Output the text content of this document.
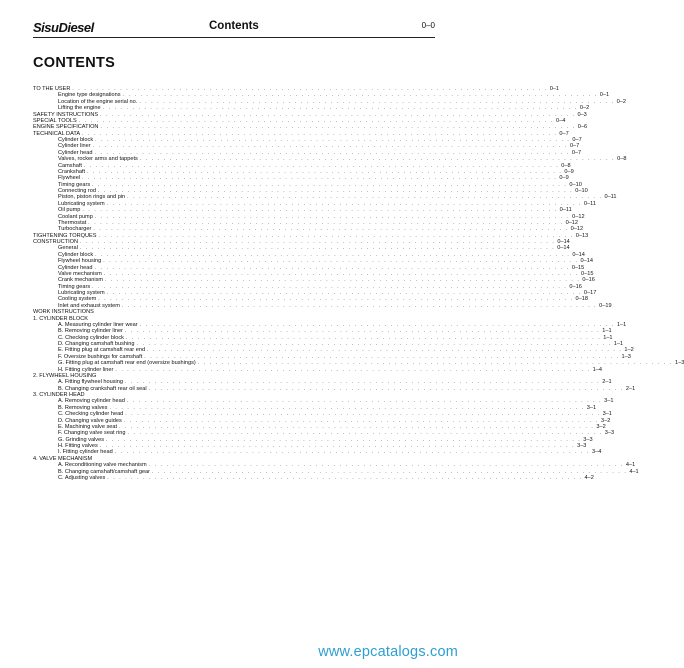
SisuDiesel	Contents	0–0
CONTENTS
TO THE USER . . . . . . . . . . . . . . . . . . . . . . . . . . . . . . . . . . . . . . . . . . . . . . . . . . . . . . . . . . . . . . . . . . . . . . . . . . . . . . . . 0–1
Engine type designations . . . . . . . . . . . . . . . . . . . . . . . . . . . . . . . . . . . . . . . . . . . . . . . . . . . . . . . . . . . . . . . . . . . . . . . . . . . . . . . . 0–1
Location of the engine serial no. . . . . . . . . . . . . . . . . . . . . . . . . . . . . . . . . . . . . . . . . . . . . . . . . . . . . . . . . . . . . . . . . . . . . . . . . . . . . . . . . 0–2
Lifting the engine . . . . . . . . . . . . . . . . . . . . . . . . . . . . . . . . . . . . . . . . . . . . . . . . . . . . . . . . . . . . . . . . . . . . . . . . . . . . . . . . 0–2
SAFETY INSTRUCTIONS . . . . . . . . . . . . . . . . . . . . . . . . . . . . . . . . . . . . . . . . . . . . . . . . . . . . . . . . . . . . . . . . . . . . . . . . . . . . . . . . 0–3
SPECIAL TOOLS . . . . . . . . . . . . . . . . . . . . . . . . . . . . . . . . . . . . . . . . . . . . . . . . . . . . . . . . . . . . . . . . . . . . . . . . . . . . . . . . 0–4
ENGINE SPECIFICATION . . . . . . . . . . . . . . . . . . . . . . . . . . . . . . . . . . . . . . . . . . . . . . . . . . . . . . . . . . . . . . . . . . . . . . . . . . . . . . . . 0–6
TECHNICAL DATA . . . . . . . . . . . . . . . . . . . . . . . . . . . . . . . . . . . . . . . . . . . . . . . . . . . . . . . . . . . . . . . . . . . . . . . . . . . . . . . . 0–7
Cylinder block . . . . . . . . . . . . . . . . . . . . . . . . . . . . . . . . . . . . . . . . . . . . . . . . . . . . . . . . . . . . . . . . . . . . . . . . . . . . . . . . 0–7
Cylinder liner . . . . . . . . . . . . . . . . . . . . . . . . . . . . . . . . . . . . . . . . . . . . . . . . . . . . . . . . . . . . . . . . . . . . . . . . . . . . . . . . 0–7
Cylinder head . . . . . . . . . . . . . . . . . . . . . . . . . . . . . . . . . . . . . . . . . . . . . . . . . . . . . . . . . . . . . . . . . . . . . . . . . . . . . . . . 0–7
Valves, rocker arms and tappets . . . . . . . . . . . . . . . . . . . . . . . . . . . . . . . . . . . . . . . . . . . . . . . . . . . . . . . . . . . . . . . . . . . . . . . . . . . . . . . . 0–8
Camshaft . . . . . . . . . . . . . . . . . . . . . . . . . . . . . . . . . . . . . . . . . . . . . . . . . . . . . . . . . . . . . . . . . . . . . . . . . . . . . . . . 0–8
Crankshaft . . . . . . . . . . . . . . . . . . . . . . . . . . . . . . . . . . . . . . . . . . . . . . . . . . . . . . . . . . . . . . . . . . . . . . . . . . . . . . . . 0–9
Flywheel . . . . . . . . . . . . . . . . . . . . . . . . . . . . . . . . . . . . . . . . . . . . . . . . . . . . . . . . . . . . . . . . . . . . . . . . . . . . . . . . 0–9
Timing gears . . . . . . . . . . . . . . . . . . . . . . . . . . . . . . . . . . . . . . . . . . . . . . . . . . . . . . . . . . . . . . . . . . . . . . . . . . . . . . . . 0–10
Connecting rod . . . . . . . . . . . . . . . . . . . . . . . . . . . . . . . . . . . . . . . . . . . . . . . . . . . . . . . . . . . . . . . . . . . . . . . . . . . . . . . . 0–10
Piston, piston rings and pin . . . . . . . . . . . . . . . . . . . . . . . . . . . . . . . . . . . . . . . . . . . . . . . . . . . . . . . . . . . . . . . . . . . . . . . . . . . . . . . . 0–11
Lubricating system . . . . . . . . . . . . . . . . . . . . . . . . . . . . . . . . . . . . . . . . . . . . . . . . . . . . . . . . . . . . . . . . . . . . . . . . . . . . . . . . 0–11
Oil pump . . . . . . . . . . . . . . . . . . . . . . . . . . . . . . . . . . . . . . . . . . . . . . . . . . . . . . . . . . . . . . . . . . . . . . . . . . . . . . . . 0–11
Coolant pump . . . . . . . . . . . . . . . . . . . . . . . . . . . . . . . . . . . . . . . . . . . . . . . . . . . . . . . . . . . . . . . . . . . . . . . . . . . . . . . . 0–12
Thermostat . . . . . . . . . . . . . . . . . . . . . . . . . . . . . . . . . . . . . . . . . . . . . . . . . . . . . . . . . . . . . . . . . . . . . . . . . . . . . . . . 0–12
Turbocharger . . . . . . . . . . . . . . . . . . . . . . . . . . . . . . . . . . . . . . . . . . . . . . . . . . . . . . . . . . . . . . . . . . . . . . . . . . . . . . . . 0–12
TIGHTENING TORQUES . . . . . . . . . . . . . . . . . . . . . . . . . . . . . . . . . . . . . . . . . . . . . . . . . . . . . . . . . . . . . . . . . . . . . . . . . . . . . . . . 0–13
CONSTRUCTION . . . . . . . . . . . . . . . . . . . . . . . . . . . . . . . . . . . . . . . . . . . . . . . . . . . . . . . . . . . . . . . . . . . . . . . . . . . . . . . . 0–14
General . . . . . . . . . . . . . . . . . . . . . . . . . . . . . . . . . . . . . . . . . . . . . . . . . . . . . . . . . . . . . . . . . . . . . . . . . . . . . . . . 0–14
Cylinder block . . . . . . . . . . . . . . . . . . . . . . . . . . . . . . . . . . . . . . . . . . . . . . . . . . . . . . . . . . . . . . . . . . . . . . . . . . . . . . . . 0–14
Flywheel housing . . . . . . . . . . . . . . . . . . . . . . . . . . . . . . . . . . . . . . . . . . . . . . . . . . . . . . . . . . . . . . . . . . . . . . . . . . . . . . . . 0–14
Cylinder head . . . . . . . . . . . . . . . . . . . . . . . . . . . . . . . . . . . . . . . . . . . . . . . . . . . . . . . . . . . . . . . . . . . . . . . . . . . . . . . . 0–15
Valve mechanism . . . . . . . . . . . . . . . . . . . . . . . . . . . . . . . . . . . . . . . . . . . . . . . . . . . . . . . . . . . . . . . . . . . . . . . . . . . . . . . . 0–15
Crank mechanism . . . . . . . . . . . . . . . . . . . . . . . . . . . . . . . . . . . . . . . . . . . . . . . . . . . . . . . . . . . . . . . . . . . . . . . . . . . . . . . . 0–16
Timing gears . . . . . . . . . . . . . . . . . . . . . . . . . . . . . . . . . . . . . . . . . . . . . . . . . . . . . . . . . . . . . . . . . . . . . . . . . . . . . . . . 0–16
Lubricating system . . . . . . . . . . . . . . . . . . . . . . . . . . . . . . . . . . . . . . . . . . . . . . . . . . . . . . . . . . . . . . . . . . . . . . . . . . . . . . . . 0–17
Cooling system . . . . . . . . . . . . . . . . . . . . . . . . . . . . . . . . . . . . . . . . . . . . . . . . . . . . . . . . . . . . . . . . . . . . . . . . . . . . . . . . 0–18
Inlet and exhaust system . . . . . . . . . . . . . . . . . . . . . . . . . . . . . . . . . . . . . . . . . . . . . . . . . . . . . . . . . . . . . . . . . . . . . . . . . . . . . . . . 0–19
WORK INSTRUCTIONS
1. CYLINDER BLOCK
A. Measuring cylinder liner wear . . . . . . . . . . . . . . . . . . . . . . . . . . . . . . . . . . . . . . . . . . . . . . . . . . . . . . . . . . . . . . . . . . . . . . . . . . . . . . . . 1–1
B. Removing cylinder liner . . . . . . . . . . . . . . . . . . . . . . . . . . . . . . . . . . . . . . . . . . . . . . . . . . . . . . . . . . . . . . . . . . . . . . . . . . . . . . . . 1–1
C. Checking cylinder block . . . . . . . . . . . . . . . . . . . . . . . . . . . . . . . . . . . . . . . . . . . . . . . . . . . . . . . . . . . . . . . . . . . . . . . . . . . . . . . . 1–1
D. Changing camshaft bushing . . . . . . . . . . . . . . . . . . . . . . . . . . . . . . . . . . . . . . . . . . . . . . . . . . . . . . . . . . . . . . . . . . . . . . . . . . . . . . . . 1–1
E. Fitting plug at camshaft rear end . . . . . . . . . . . . . . . . . . . . . . . . . . . . . . . . . . . . . . . . . . . . . . . . . . . . . . . . . . . . . . . . . . . . . . . . . . . . . . . . 1–2
F. Oversize bushings for camshaft . . . . . . . . . . . . . . . . . . . . . . . . . . . . . . . . . . . . . . . . . . . . . . . . . . . . . . . . . . . . . . . . . . . . . . . . . . . . . . . . 1–3
G. Fitting plug at camshaft rear end (oversize bushings) . . . . . . . . . . . . . . . . . . . . . . . . . . . . . . . . . . . . . . . . . . . . . . . . . . . . . . . . . . . . . . . . . . . . . . . . . . . . . . . . 1–3
H. Fitting cylinder liner . . . . . . . . . . . . . . . . . . . . . . . . . . . . . . . . . . . . . . . . . . . . . . . . . . . . . . . . . . . . . . . . . . . . . . . . . . . . . . . . 1–4
2. FLYWHEEL HOUSING
A. Fitting flywheel housing . . . . . . . . . . . . . . . . . . . . . . . . . . . . . . . . . . . . . . . . . . . . . . . . . . . . . . . . . . . . . . . . . . . . . . . . . . . . . . . . 2–1
B. Changing crankshaft rear oil seal . . . . . . . . . . . . . . . . . . . . . . . . . . . . . . . . . . . . . . . . . . . . . . . . . . . . . . . . . . . . . . . . . . . . . . . . . . . . . . . . 2–1
3. CYLINDER HEAD
A. Removing cylinder head . . . . . . . . . . . . . . . . . . . . . . . . . . . . . . . . . . . . . . . . . . . . . . . . . . . . . . . . . . . . . . . . . . . . . . . . . . . . . . . . 3–1
B. Removing valves . . . . . . . . . . . . . . . . . . . . . . . . . . . . . . . . . . . . . . . . . . . . . . . . . . . . . . . . . . . . . . . . . . . . . . . . . . . . . . . . 3–1
C. Checking cylinder head . . . . . . . . . . . . . . . . . . . . . . . . . . . . . . . . . . . . . . . . . . . . . . . . . . . . . . . . . . . . . . . . . . . . . . . . . . . . . . . . 3–1
D. Changing valve guides . . . . . . . . . . . . . . . . . . . . . . . . . . . . . . . . . . . . . . . . . . . . . . . . . . . . . . . . . . . . . . . . . . . . . . . . . . . . . . . . 3–2
E. Machining valve seat . . . . . . . . . . . . . . . . . . . . . . . . . . . . . . . . . . . . . . . . . . . . . . . . . . . . . . . . . . . . . . . . . . . . . . . . . . . . . . . . 3–2
F. Changing valve seat ring . . . . . . . . . . . . . . . . . . . . . . . . . . . . . . . . . . . . . . . . . . . . . . . . . . . . . . . . . . . . . . . . . . . . . . . . . . . . . . . . 3–3
G. Grinding valves . . . . . . . . . . . . . . . . . . . . . . . . . . . . . . . . . . . . . . . . . . . . . . . . . . . . . . . . . . . . . . . . . . . . . . . . . . . . . . . . 3–3
H. Fitting valves . . . . . . . . . . . . . . . . . . . . . . . . . . . . . . . . . . . . . . . . . . . . . . . . . . . . . . . . . . . . . . . . . . . . . . . . . . . . . . . . 3–3
I. Fitting cylinder head . . . . . . . . . . . . . . . . . . . . . . . . . . . . . . . . . . . . . . . . . . . . . . . . . . . . . . . . . . . . . . . . . . . . . . . . . . . . . . . . 3–4
4. VALVE MECHANISM
A. Reconditioning valve mechanism . . . . . . . . . . . . . . . . . . . . . . . . . . . . . . . . . . . . . . . . . . . . . . . . . . . . . . . . . . . . . . . . . . . . . . . . . . . . . . . . 4–1
B. Changing camshaft/camshaft gear . . . . . . . . . . . . . . . . . . . . . . . . . . . . . . . . . . . . . . . . . . . . . . . . . . . . . . . . . . . . . . . . . . . . . . . . . . . . . . . . 4–1
C. Adjusting valves . . . . . . . . . . . . . . . . . . . . . . . . . . . . . . . . . . . . . . . . . . . . . . . . . . . . . . . . . . . . . . . . . . . . . . . . . . . . . . . . 4–2
www.epcatalogs.com
